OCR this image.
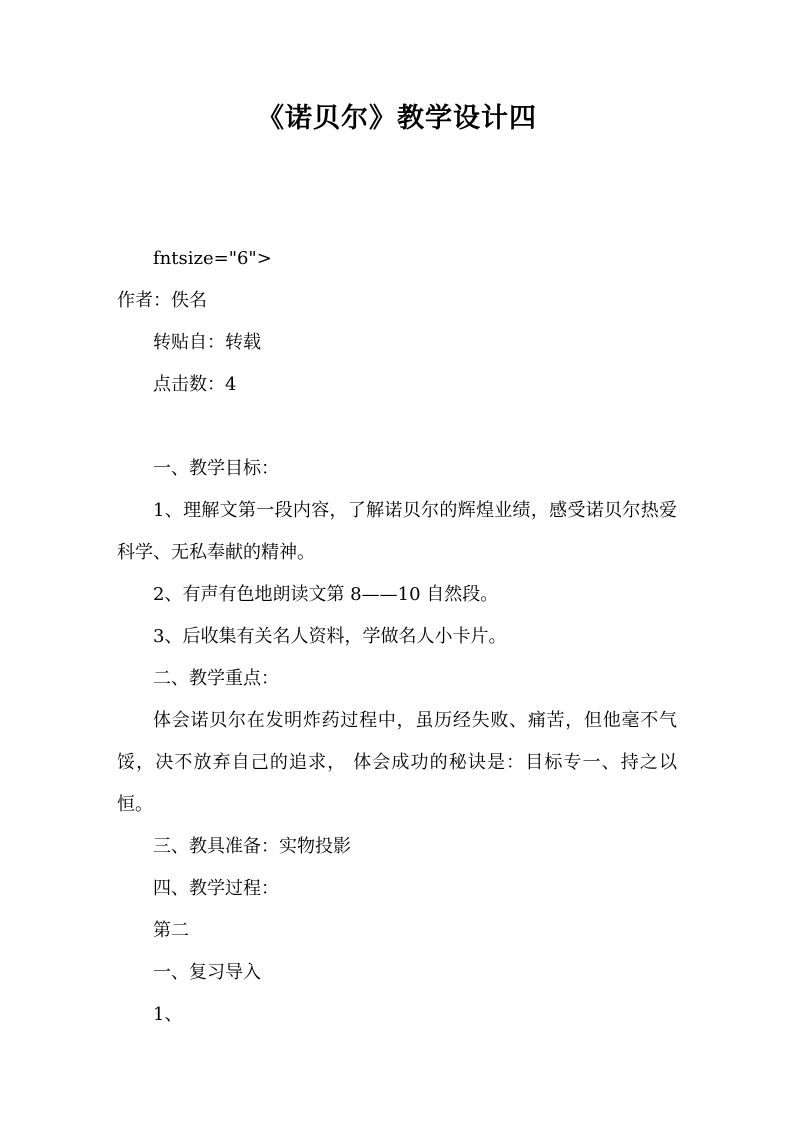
《诺贝尔》教学设计四

fntsize="6">

作者：佚名

转贴自：转载

点击数：4

一、教学目标：

1、理解文第一段内容，了解诺贝尔的辉煌业绩，感受诺贝尔热爱科学、无私奉献的精神。

2、有声有色地朗读文第 8——10 自然段。

3、后收集有关名人资料，学做名人小卡片。

二、教学重点：

体会诺贝尔在发明炸药过程中，虽历经失败、痛苦，但他毫不气馁，决不放弃自己的追求， 体会成功的秘诀是：目标专一、持之以恒。

三、教具准备：实物投影

四、教学过程：

第二

一、复习导入

1、
